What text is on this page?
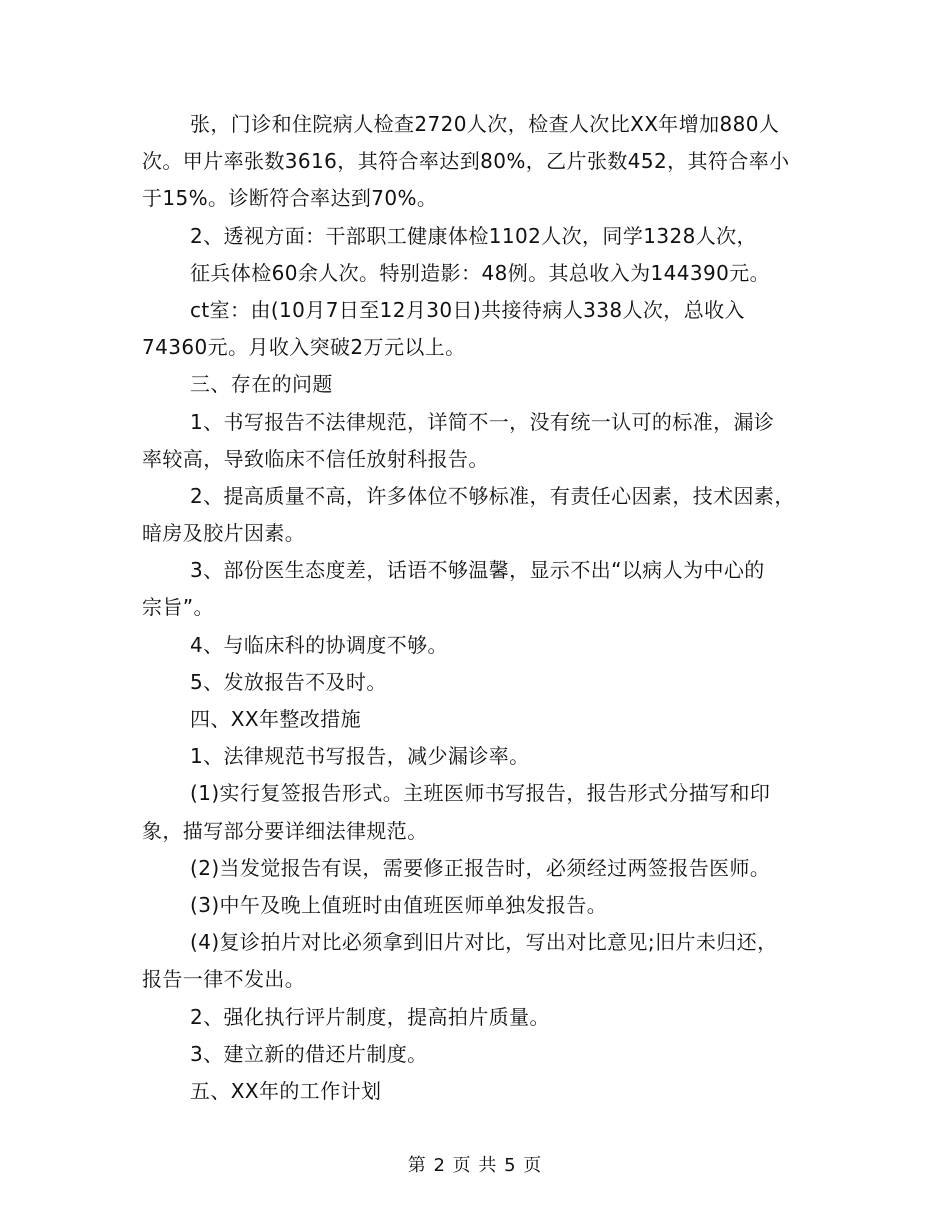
张，门诊和住院病人检查2720人次，检查人次比XX年增加880人
次。甲片率张数3616，其符合率达到80%，乙片张数452，其符合率小
于15%。诊断符合率达到70%。
2、透视方面：干部职工健康体检1102人次，同学1328人次，
征兵体检60余人次。特别造影：48例。其总收入为144390元。
ct室：由(10月7日至12月30日)共接待病人338人次，总收入
74360元。月收入突破2万元以上。
三、存在的问题
1、书写报告不法律规范，详简不一，没有统一认可的标准，漏诊
率较高，导致临床不信任放射科报告。
2、提高质量不高，许多体位不够标准，有责任心因素，技术因素，
暗房及胶片因素。
3、部份医生态度差，话语不够温馨，显示不出“以病人为中心的
宗旨”。
4、与临床科的协调度不够。
5、发放报告不及时。
四、XX年整改措施
1、法律规范书写报告，减少漏诊率。
(1)实行复签报告形式。主班医师书写报告，报告形式分描写和印
象，描写部分要详细法律规范。
(2)当发觉报告有误，需要修正报告时，必须经过两签报告医师。
(3)中午及晚上值班时由值班医师单独发报告。
(4)复诊拍片对比必须拿到旧片对比，写出对比意见;旧片未归还，
报告一律不发出。
2、强化执行评片制度，提高拍片质量。
3、建立新的借还片制度。
五、XX年的工作计划
第 2 页 共 5 页
